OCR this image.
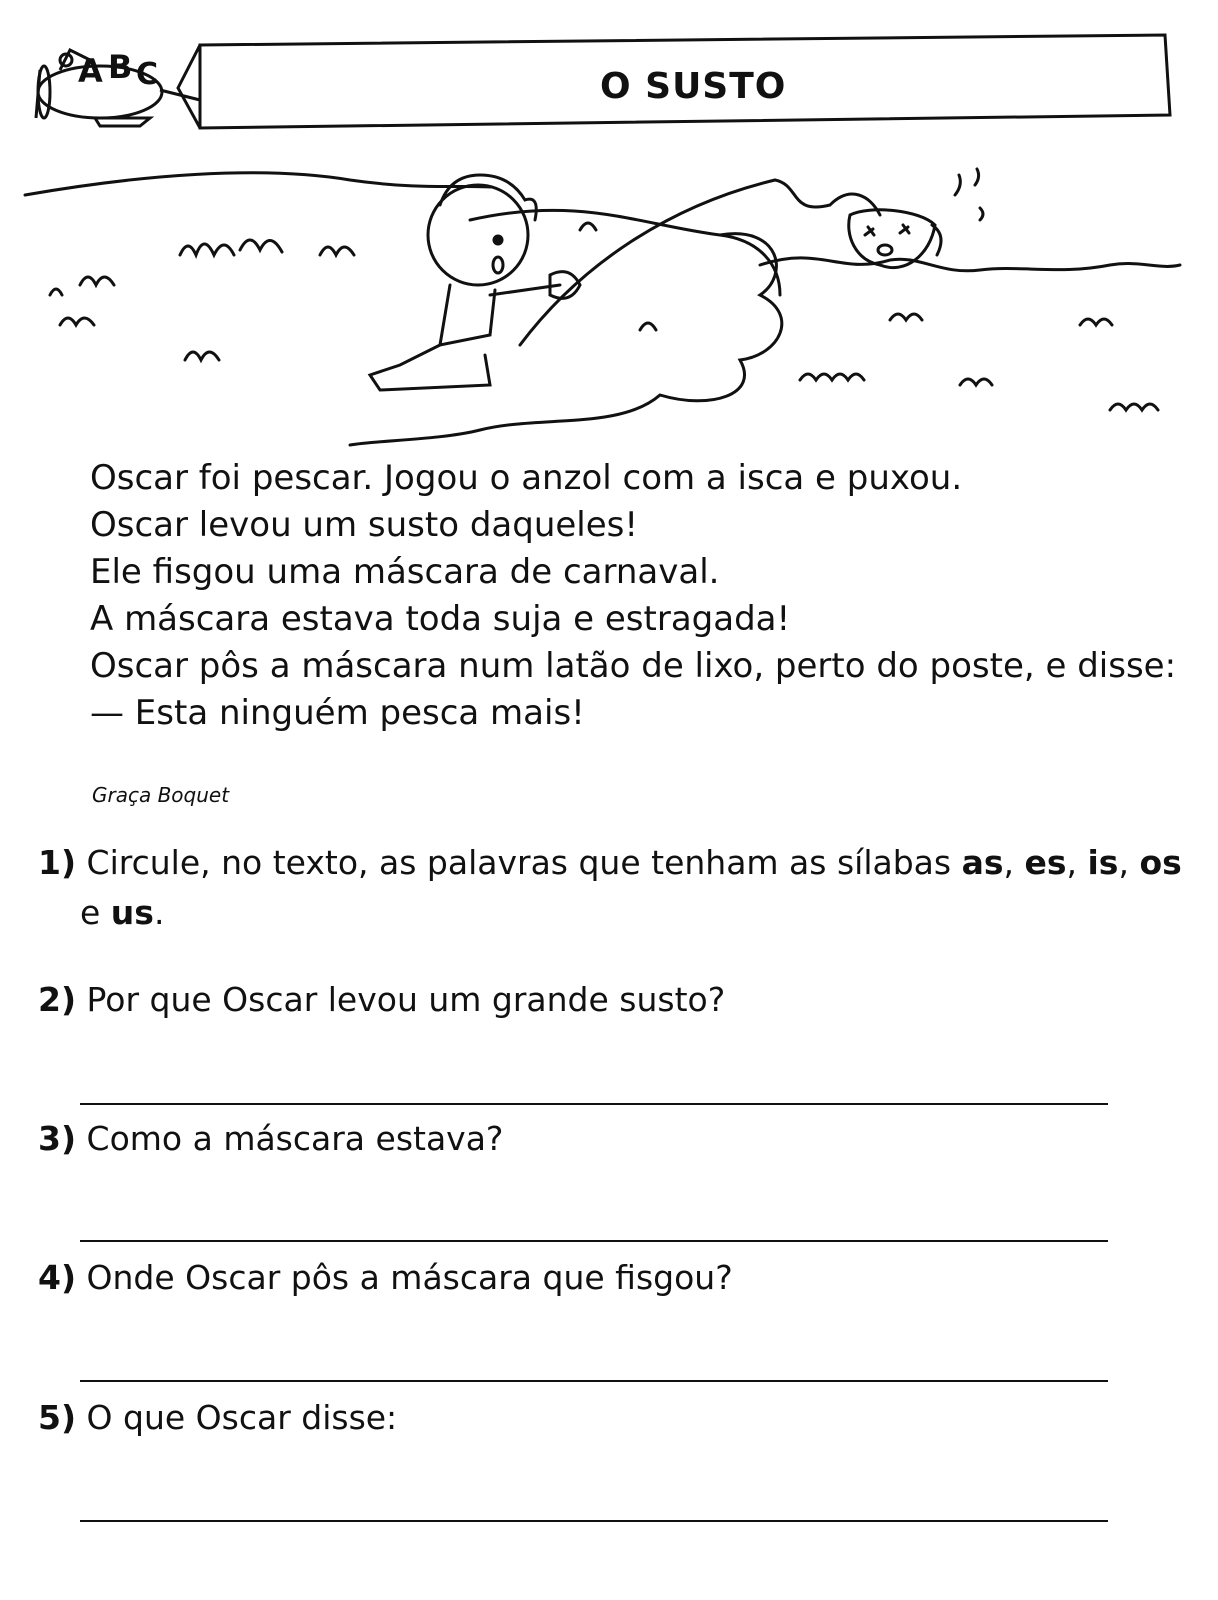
A B C	O SUSTO
Oscar foi pescar. Jogou o anzol com a isca e puxou.
Oscar levou um susto daqueles!
Ele fisgou uma máscara de carnaval.
A máscara estava toda suja e estragada!
Oscar pôs a máscara num latão de lixo, perto do poste, e disse:
— Esta ninguém pesca mais!
Graça Boquet
1) Circule, no texto, as palavras que tenham as sílabas as, es, is, os
e us.
2) Por que Oscar levou um grande susto?
3) Como a máscara estava?
4) Onde Oscar pôs a máscara que fisgou?
5) O que Oscar disse:
